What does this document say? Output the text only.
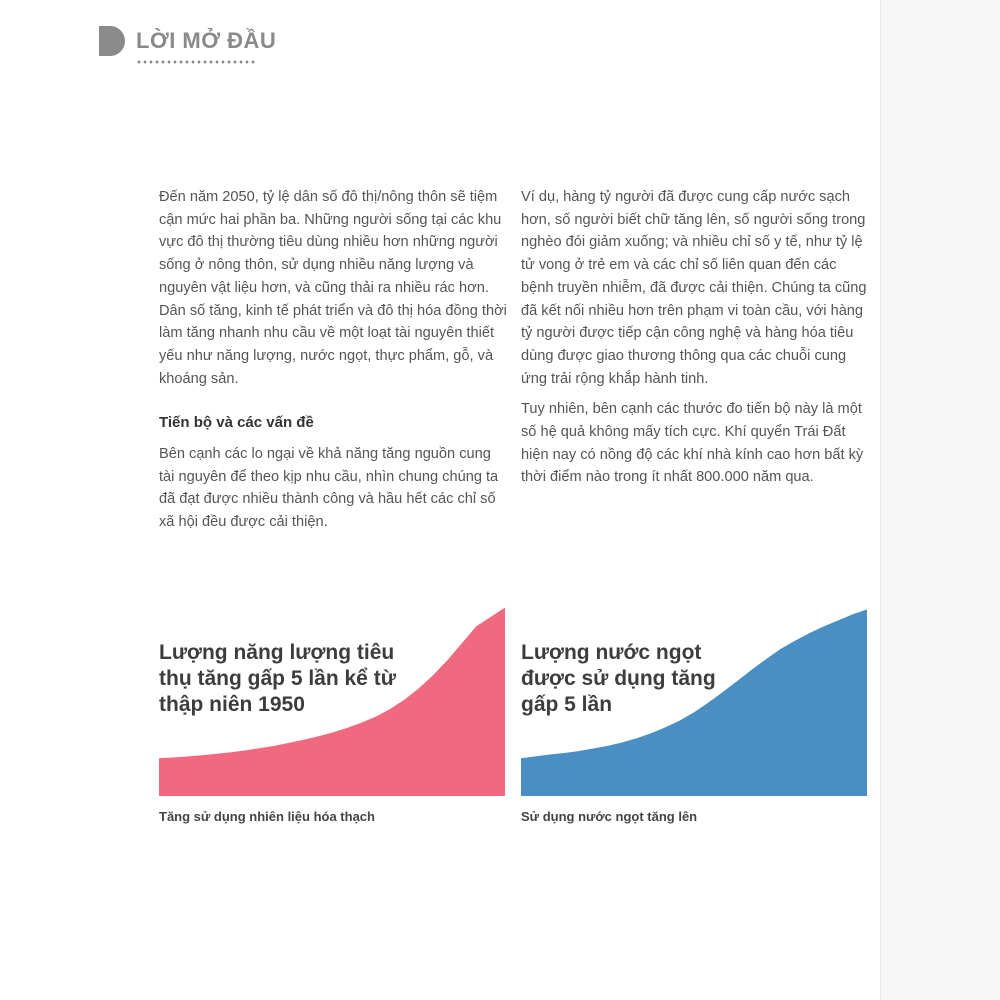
LỜI MỞ ĐẦU

Đến năm 2050, tỷ lệ dân số đô thị/nông thôn sẽ tiệm cận mức hai phần ba. Những người sống tại các khu vực đô thị thường tiêu dùng nhiều hơn những người sống ở nông thôn, sử dụng nhiều năng lượng và nguyên vật liệu hơn, và cũng thải ra nhiều rác hơn. Dân số tăng, kinh tế phát triển và đô thị hóa đồng thời làm tăng nhanh nhu cầu về một loạt tài nguyên thiết yếu như năng lượng, nước ngọt, thực phẩm, gỗ, và khoáng sản.

Tiến bộ và các vấn đề

Bên cạnh các lo ngại về khả năng tăng nguồn cung tài nguyên để theo kịp nhu cầu, nhìn chung chúng ta đã đạt được nhiều thành công và hầu hết các chỉ số xã hội đều được cải thiện.

Ví dụ, hàng tỷ người đã được cung cấp nước sạch hơn, số người biết chữ tăng lên, số người sống trong nghèo đói giảm xuống; và nhiều chỉ số y tế, như tỷ lệ tử vong ở trẻ em và các chỉ số liên quan đến các bệnh truyền nhiễm, đã được cải thiện. Chúng ta cũng đã kết nối nhiều hơn trên phạm vi toàn cầu, với hàng tỷ người được tiếp cận công nghệ và hàng hóa tiêu dùng được giao thương thông qua các chuỗi cung ứng trải rộng khắp hành tinh.

Tuy nhiên, bên cạnh các thước đo tiến bộ này là một số hệ quả không mấy tích cực. Khí quyển Trái Đất hiện nay có nồng độ các khí nhà kính cao hơn bất kỳ thời điểm nào trong ít nhất 800.000 năm qua.

Lượng năng lượng tiêu thụ tăng gấp 5 lần kể từ thập niên 1950
Tăng sử dụng nhiên liệu hóa thạch
Lượng nước ngọt được sử dụng tăng gấp 5 lần
Sử dụng nước ngọt tăng lên
